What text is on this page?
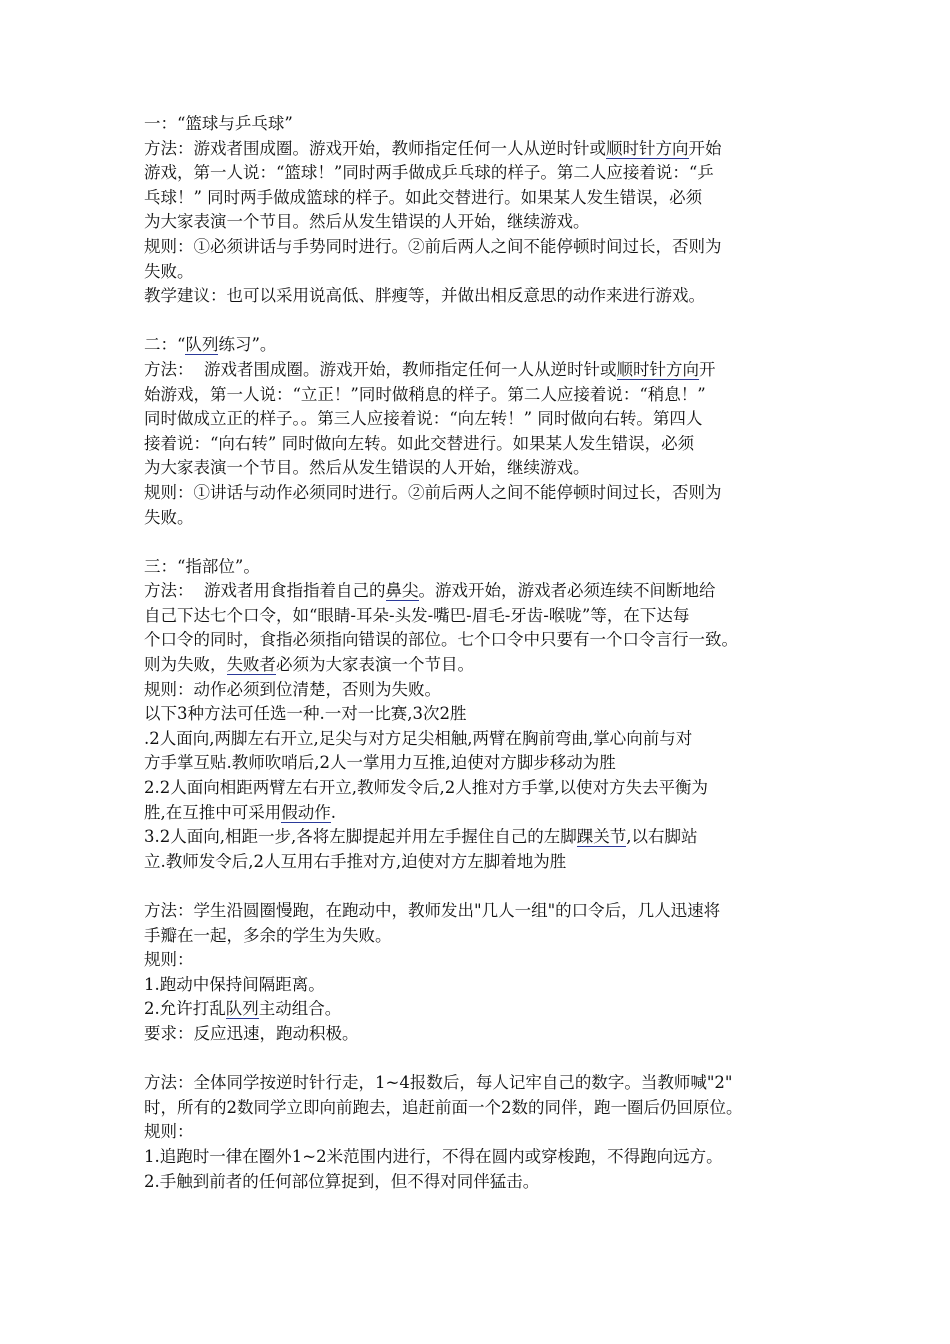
一：“篮球与乒乓球”
方法：游戏者围成圈。游戏开始，教师指定任何一人从逆时针或顺时针方向开始
游戏，第一人说：“篮球！”同时两手做成乒乓球的样子。第二人应接着说：“乒
乓球！” 同时两手做成篮球的样子。如此交替进行。如果某人发生错误，必须
为大家表演一个节目。然后从发生错误的人开始，继续游戏。
规则：①必须讲话与手势同时进行。②前后两人之间不能停顿时间过长，否则为
失败。
教学建议：也可以采用说高低、胖瘦等，并做出相反意思的动作来进行游戏。
二：“队列练习”。
方法：  游戏者围成圈。游戏开始，教师指定任何一人从逆时针或顺时针方向开
始游戏，第一人说：“立正！”同时做稍息的样子。第二人应接着说：“稍息！”
同时做成立正的样子。。第三人应接着说：“向左转！” 同时做向右转。第四人
接着说：“向右转” 同时做向左转。如此交替进行。如果某人发生错误，必须
为大家表演一个节目。然后从发生错误的人开始，继续游戏。
规则：①讲话与动作必须同时进行。②前后两人之间不能停顿时间过长，否则为
失败。
三：“指部位”。
方法：  游戏者用食指指着自己的鼻尖。游戏开始，游戏者必须连续不间断地给
自己下达七个口令，如“眼睛-耳朵-头发-嘴巴-眉毛-牙齿-喉咙”等，在下达每
个口令的同时，食指必须指向错误的部位。七个口令中只要有一个口令言行一致。
则为失败，失败者必须为大家表演一个节目。
规则：动作必须到位清楚，否则为失败。
以下3种方法可任选一种.一对一比赛,3次2胜
.2人面向,两脚左右开立,足尖与对方足尖相触,两臂在胸前弯曲,掌心向前与对
方手掌互贴.教师吹哨后,2人一掌用力互推,迫使对方脚步移动为胜
2.2人面向相距两臂左右开立,教师发令后,2人推对方手掌,以使对方失去平衡为
胜,在互推中可采用假动作.
3.2人面向,相距一步,各将左脚提起并用左手握住自己的左脚踝关节,以右脚站
立.教师发令后,2人互用右手推对方,迫使对方左脚着地为胜
方法：学生沿圆圈慢跑，在跑动中，教师发出"几人一组"的口令后，几人迅速将
手瓣在一起，多余的学生为失败。
规则：
1.跑动中保持间隔距离。
2.允许打乱队列主动组合。
要求：反应迅速，跑动积极。
方法：全体同学按逆时针行走，1~4报数后，每人记牢自己的数字。当教师喊"2"
时，所有的2数同学立即向前跑去，追赶前面一个2数的同伴，跑一圈后仍回原位。
规则：
1.追跑时一律在圈外1~2米范围内进行，不得在圆内或穿梭跑，不得跑向远方。
2.手触到前者的任何部位算捉到，但不得对同伴猛击。
